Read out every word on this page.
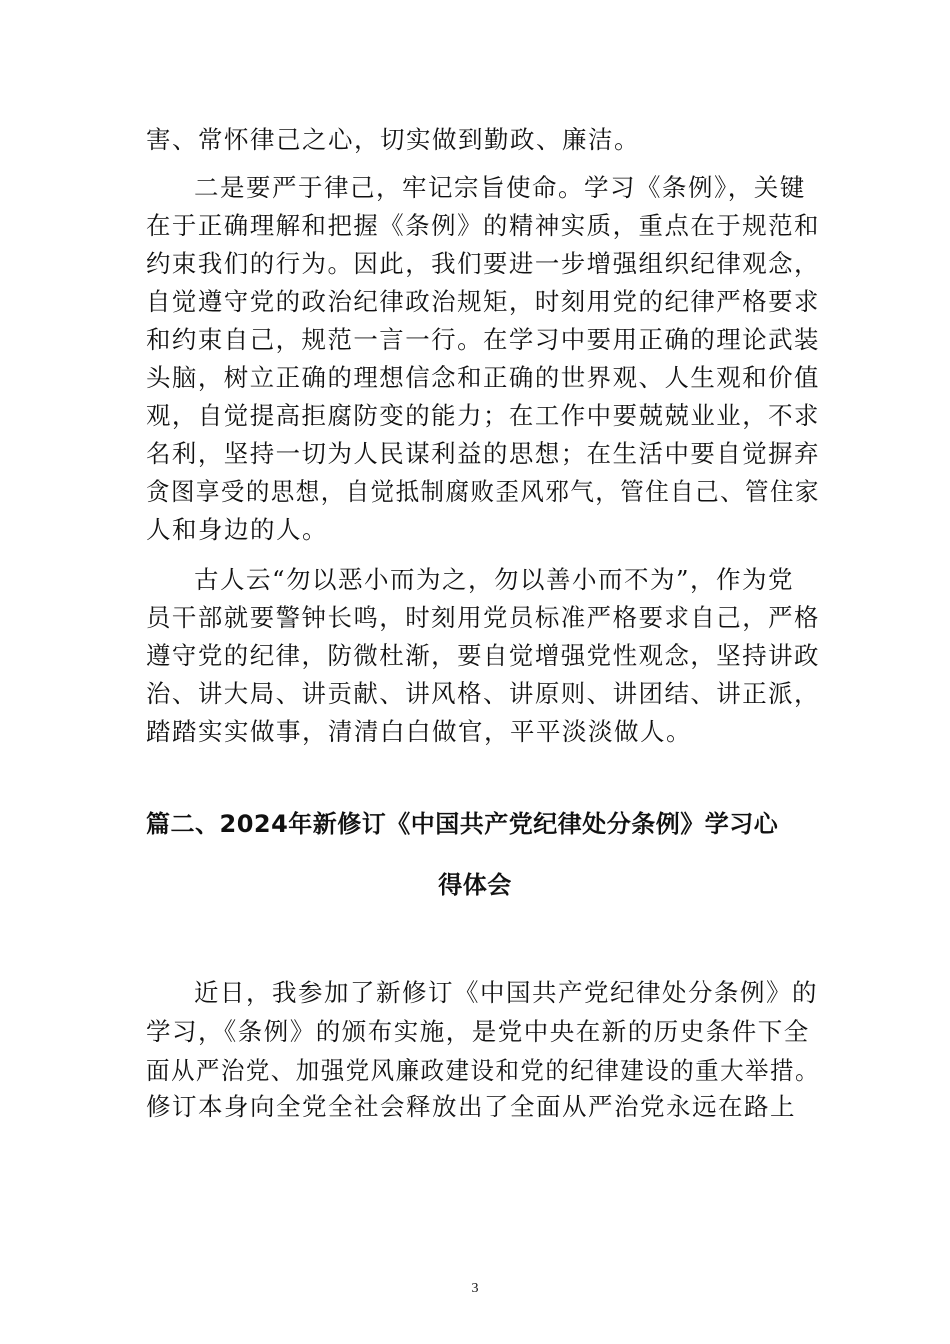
害、常怀律己之心，切实做到勤政、廉洁。

二是要严于律己，牢记宗旨使命。学习《条例》，关键

在于正确理解和把握《条例》的精神实质，重点在于规范和

约束我们的行为。因此，我们要进一步增强组织纪律观念，

自觉遵守党的政治纪律政治规矩，时刻用党的纪律严格要求

和约束自己，规范一言一行。在学习中要用正确的理论武装

头脑，树立正确的理想信念和正确的世界观、人生观和价值

观，自觉提高拒腐防变的能力；在工作中要兢兢业业，不求

名利，坚持一切为人民谋利益的思想；在生活中要自觉摒弃

贪图享受的思想，自觉抵制腐败歪风邪气，管住自己、管住家

人和身边的人。

古人云“勿以恶小而为之，勿以善小而不为”，作为党

员干部就要警钟长鸣，时刻用党员标准严格要求自己，严格

遵守党的纪律，防微杜渐，要自觉增强党性观念，坚持讲政

治、讲大局、讲贡献、讲风格、讲原则、讲团结、讲正派，

踏踏实实做事，清清白白做官，平平淡淡做人。

篇二、2024年新修订《中国共产党纪律处分条例》学习心
得体会

近日，我参加了新修订《中国共产党纪律处分条例》的

学习，《条例》的颁布实施，是党中央在新的历史条件下全

面从严治党、加强党风廉政建设和党的纪律建设的重大举措。

修订本身向全党全社会释放出了全面从严治党永远在路上

3
